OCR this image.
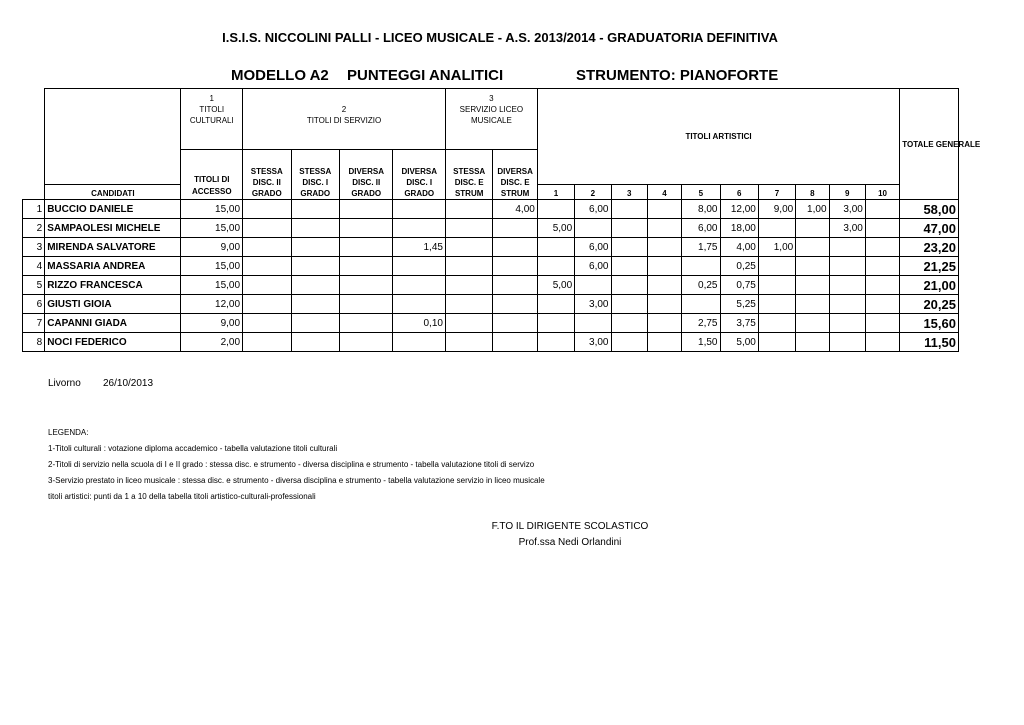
I.S.I.S. NICCOLINI PALLI - LICEO MUSICALE - A.S. 2013/2014 - GRADUATORIA DEFINITIVA
MODELLO A2 PUNTEGGI ANALITICI	STRUMENTO: PIANOFORTE
		1
TITOLI CULTURALI	2
TITOLI DI SERVIZIO				3
SERVIZIO LICEO MUSICALE		TITOLI ARTISTICI										TOTALE GENERALE
		TITOLI DI	STESSA DISC. II GRADO	STESSA DISC. I GRADO	DIVERSA DISC. II GRADO	DIVERSA DISC. I GRADO	STESSA DISC. E STRUM	DIVERSA DISC. E STRUM											
	CANDIDATI	ACCESSO							1	2	3	4	5	6	7	8	9	10	
1	BUCCIO DANIELE	15,00						4,00		6,00			8,00	12,00	9,00	1,00	3,00		58,00
2	SAMPAOLESI MICHELE	15,00							5,00				6,00	18,00			3,00		47,00
3	MIRENDA SALVATORE	9,00				1,45				6,00			1,75	4,00	1,00				23,20
4	MASSARIA ANDREA	15,00								6,00				0,25					21,25
5	RIZZO FRANCESCA	15,00							5,00				0,25	0,75					21,00
6	GIUSTI GIOIA	12,00								3,00				5,25					20,25
7	CAPANNI GIADA	9,00				0,10							2,75	3,75					15,60
8	NOCI FEDERICO	2,00								3,00			1,50	5,00					11,50
Livorno 26/10/2013
LEGENDA:
1-Titoli culturali : votazione diploma accademico - tabella valutazione titoli culturali
2-Titoli di servizio nella scuola di I e II grado : stessa disc. e strumento - diversa disciplina e strumento - tabella valutazione titoli di servizo
3-Servizio prestato in liceo musicale : stessa disc. e strumento - diversa disciplina e strumento - tabella valutazione servizio in liceo musicale
titoli artistici: punti da 1 a 10 della tabella titoli artistico-culturali-professionali
F.TO IL DIRIGENTE SCOLASTICO
Prof.ssa Nedi Orlandini
